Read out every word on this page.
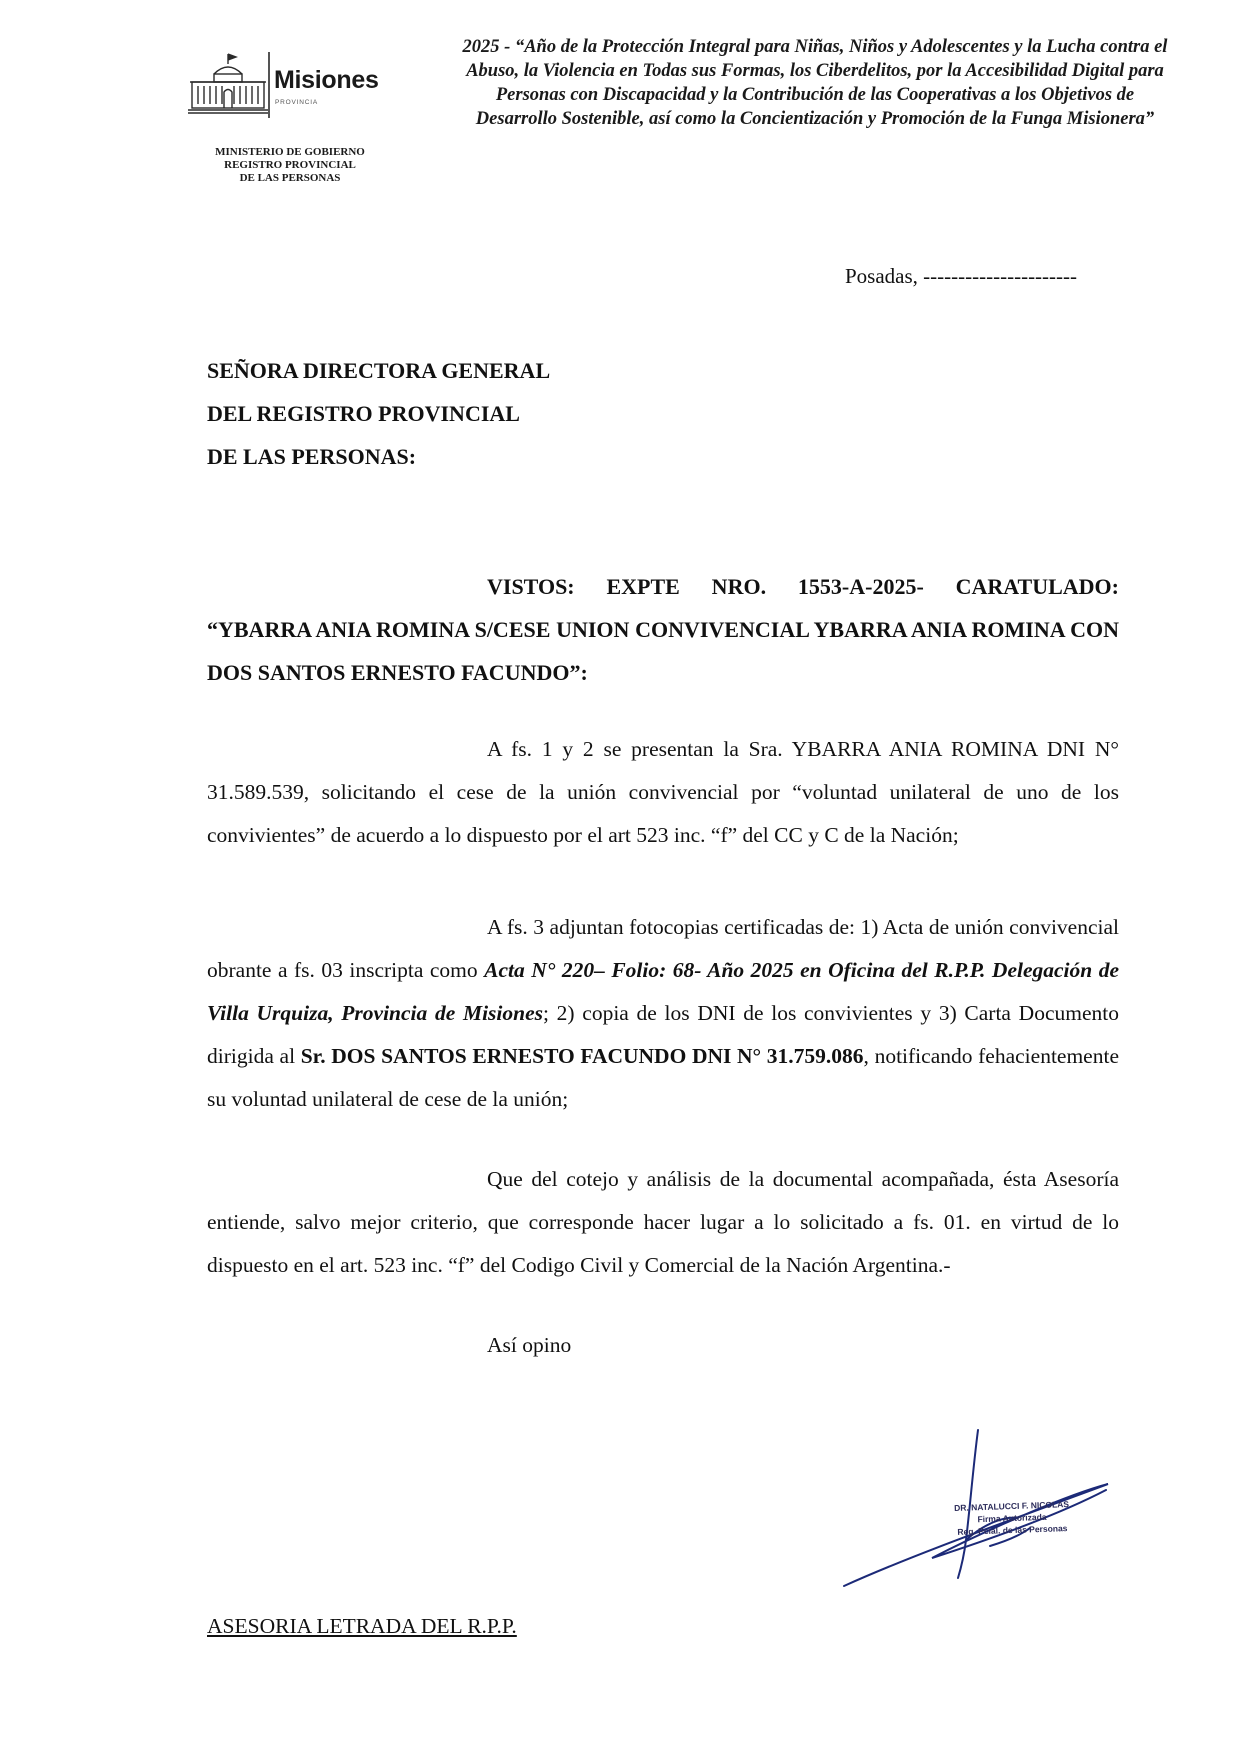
Misiones
PROVINCIA
MINISTERIO DE GOBIERNO
REGISTRO PROVINCIAL
DE LAS PERSONAS
2025 - “Año de la Protección Integral para Niñas, Niños y Adolescentes y la Lucha contra el Abuso, la Violencia en Todas sus Formas, los Ciberdelitos, por la Accesibilidad Digital para Personas con Discapacidad y la Contribución de las Cooperativas a los Objetivos de Desarrollo Sostenible, así como la Concientización y Promoción de la Funga Misionera”
Posadas, ----------------------
SEÑORA DIRECTORA GENERAL
DEL REGISTRO PROVINCIAL
DE LAS PERSONAS:

VISTOS: EXPTE NRO. 1553-A-2025- CARATULADO: “YBARRA ANIA ROMINA S/CESE UNION CONVIVENCIAL YBARRA ANIA ROMINA CON DOS SANTOS ERNESTO FACUNDO”:

A fs. 1 y 2 se presentan la Sra. YBARRA ANIA ROMINA DNI N° 31.589.539, solicitando el cese de la unión convivencial por “voluntad unilateral de uno de los convivientes” de acuerdo a lo dispuesto por el art 523 inc. “f” del CC y C de la Nación;

A fs. 3 adjuntan fotocopias certificadas de: 1) Acta de unión convivencial obrante a fs. 03 inscripta como Acta N° 220– Folio: 68- Año 2025 en Oficina del R.P.P. Delegación de Villa Urquiza, Provincia de Misiones; 2) copia de los DNI de los convivientes y 3) Carta Documento dirigida al Sr. DOS SANTOS ERNESTO FACUNDO DNI N° 31.759.086, notificando fehacientemente su voluntad unilateral de cese de la unión;

Que del cotejo y análisis de la documental acompañada, ésta Asesoría entiende, salvo mejor criterio, que corresponde hacer lugar a lo solicitado a fs. 01. en virtud de lo dispuesto en el art. 523 inc. “f” del Codigo Civil y Comercial de la Nación Argentina.-

Así opino
DR. NATALUCCI F. NICOLAS
Firma Autorizada
Reg. Pcial. de las Personas
ASESORIA LETRADA DEL R.P.P.
